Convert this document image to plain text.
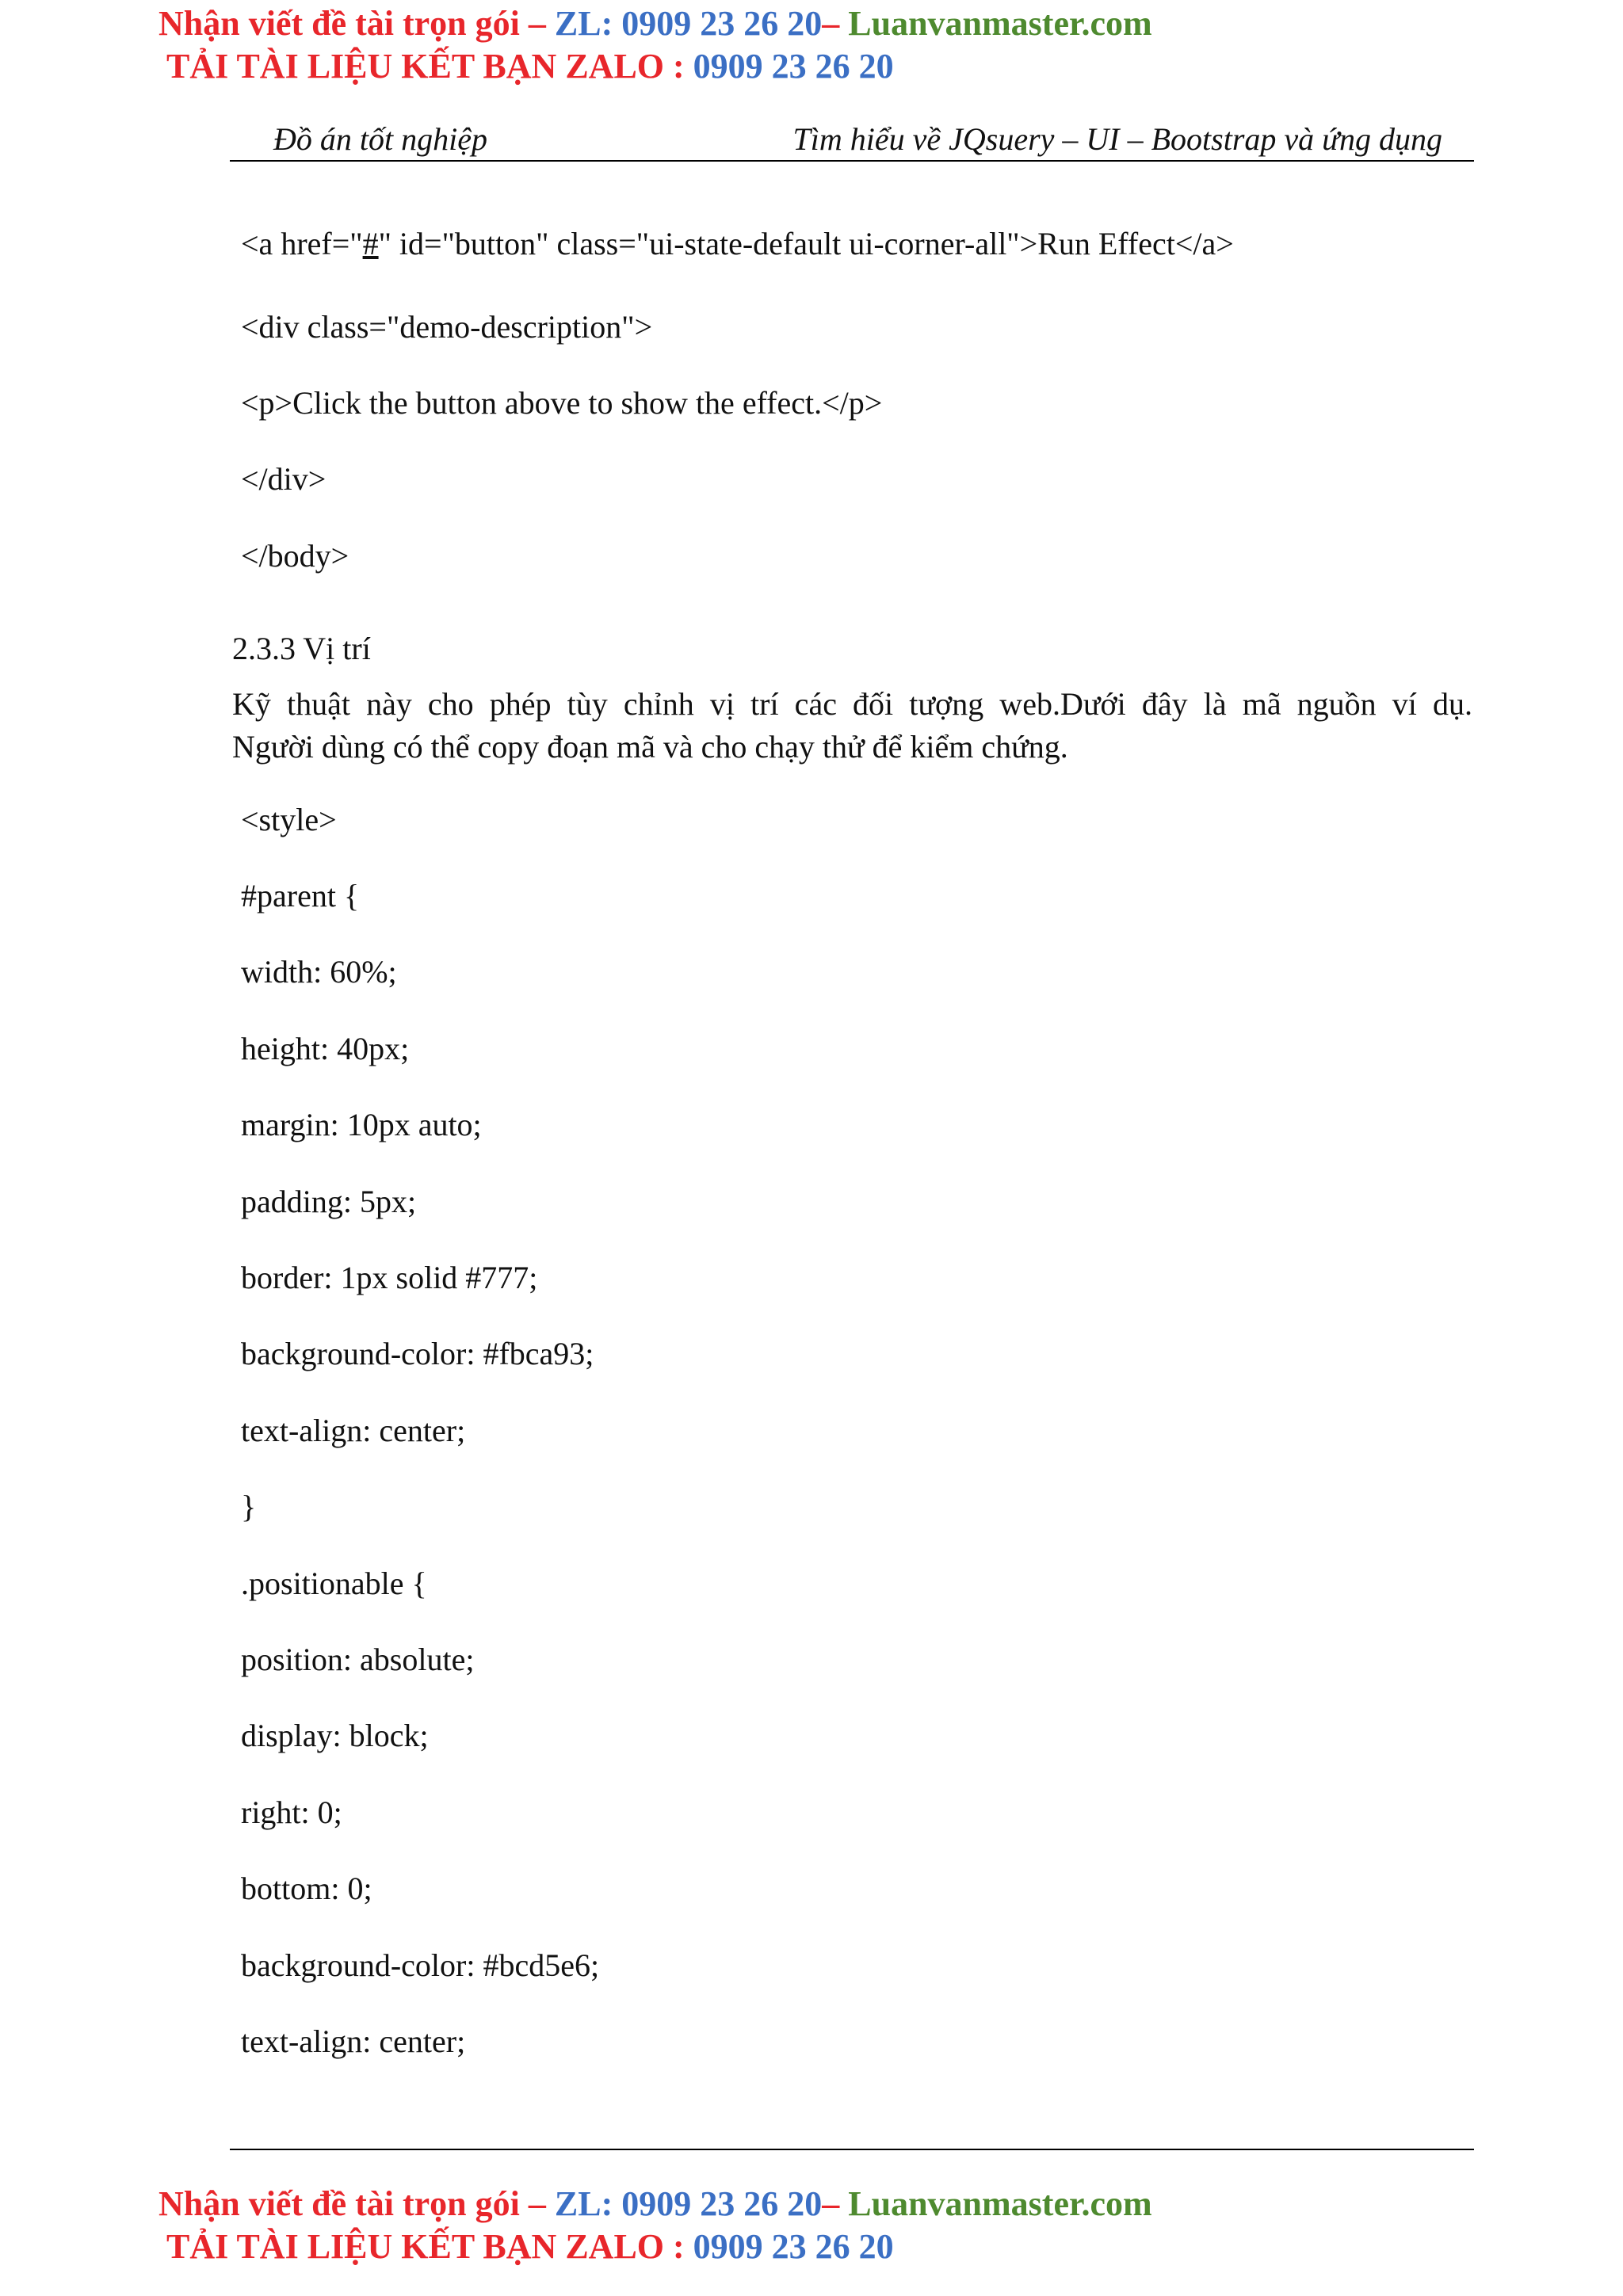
Nhận viết đề tài trọn gói – ZL: 0909 23 26 20– Luanvanmaster.com
TẢI TÀI LIỆU KẾT BẠN ZALO : 0909 23 26 20
Đồ án tốt nghiệp	Tìm hiểu về JQsuery – UI – Bootstrap và ứng dụng
<a href="#" id="button" class="ui-state-default ui-corner-all">Run Effect</a>
<div class="demo-description">
<p>Click the button above to show the effect.</p>
</div>
</body>
2.3.3 Vị trí
Kỹ thuật này cho phép tùy chỉnh vị trí các đối tượng web.Dưới đây là mã nguồn ví dụ.
Người dùng có thể copy đoạn mã và cho chạy thử để kiểm chứng.
<style>
#parent {
width: 60%;
height: 40px;
margin: 10px auto;
padding: 5px;
border: 1px solid #777;
background-color: #fbca93;
text-align: center;
}
.positionable {
position: absolute;
display: block;
right: 0;
bottom: 0;
background-color: #bcd5e6;
text-align: center;
Nhận viết đề tài trọn gói – ZL: 0909 23 26 20– Luanvanmaster.com
TẢI TÀI LIỆU KẾT BẠN ZALO : 0909 23 26 20
